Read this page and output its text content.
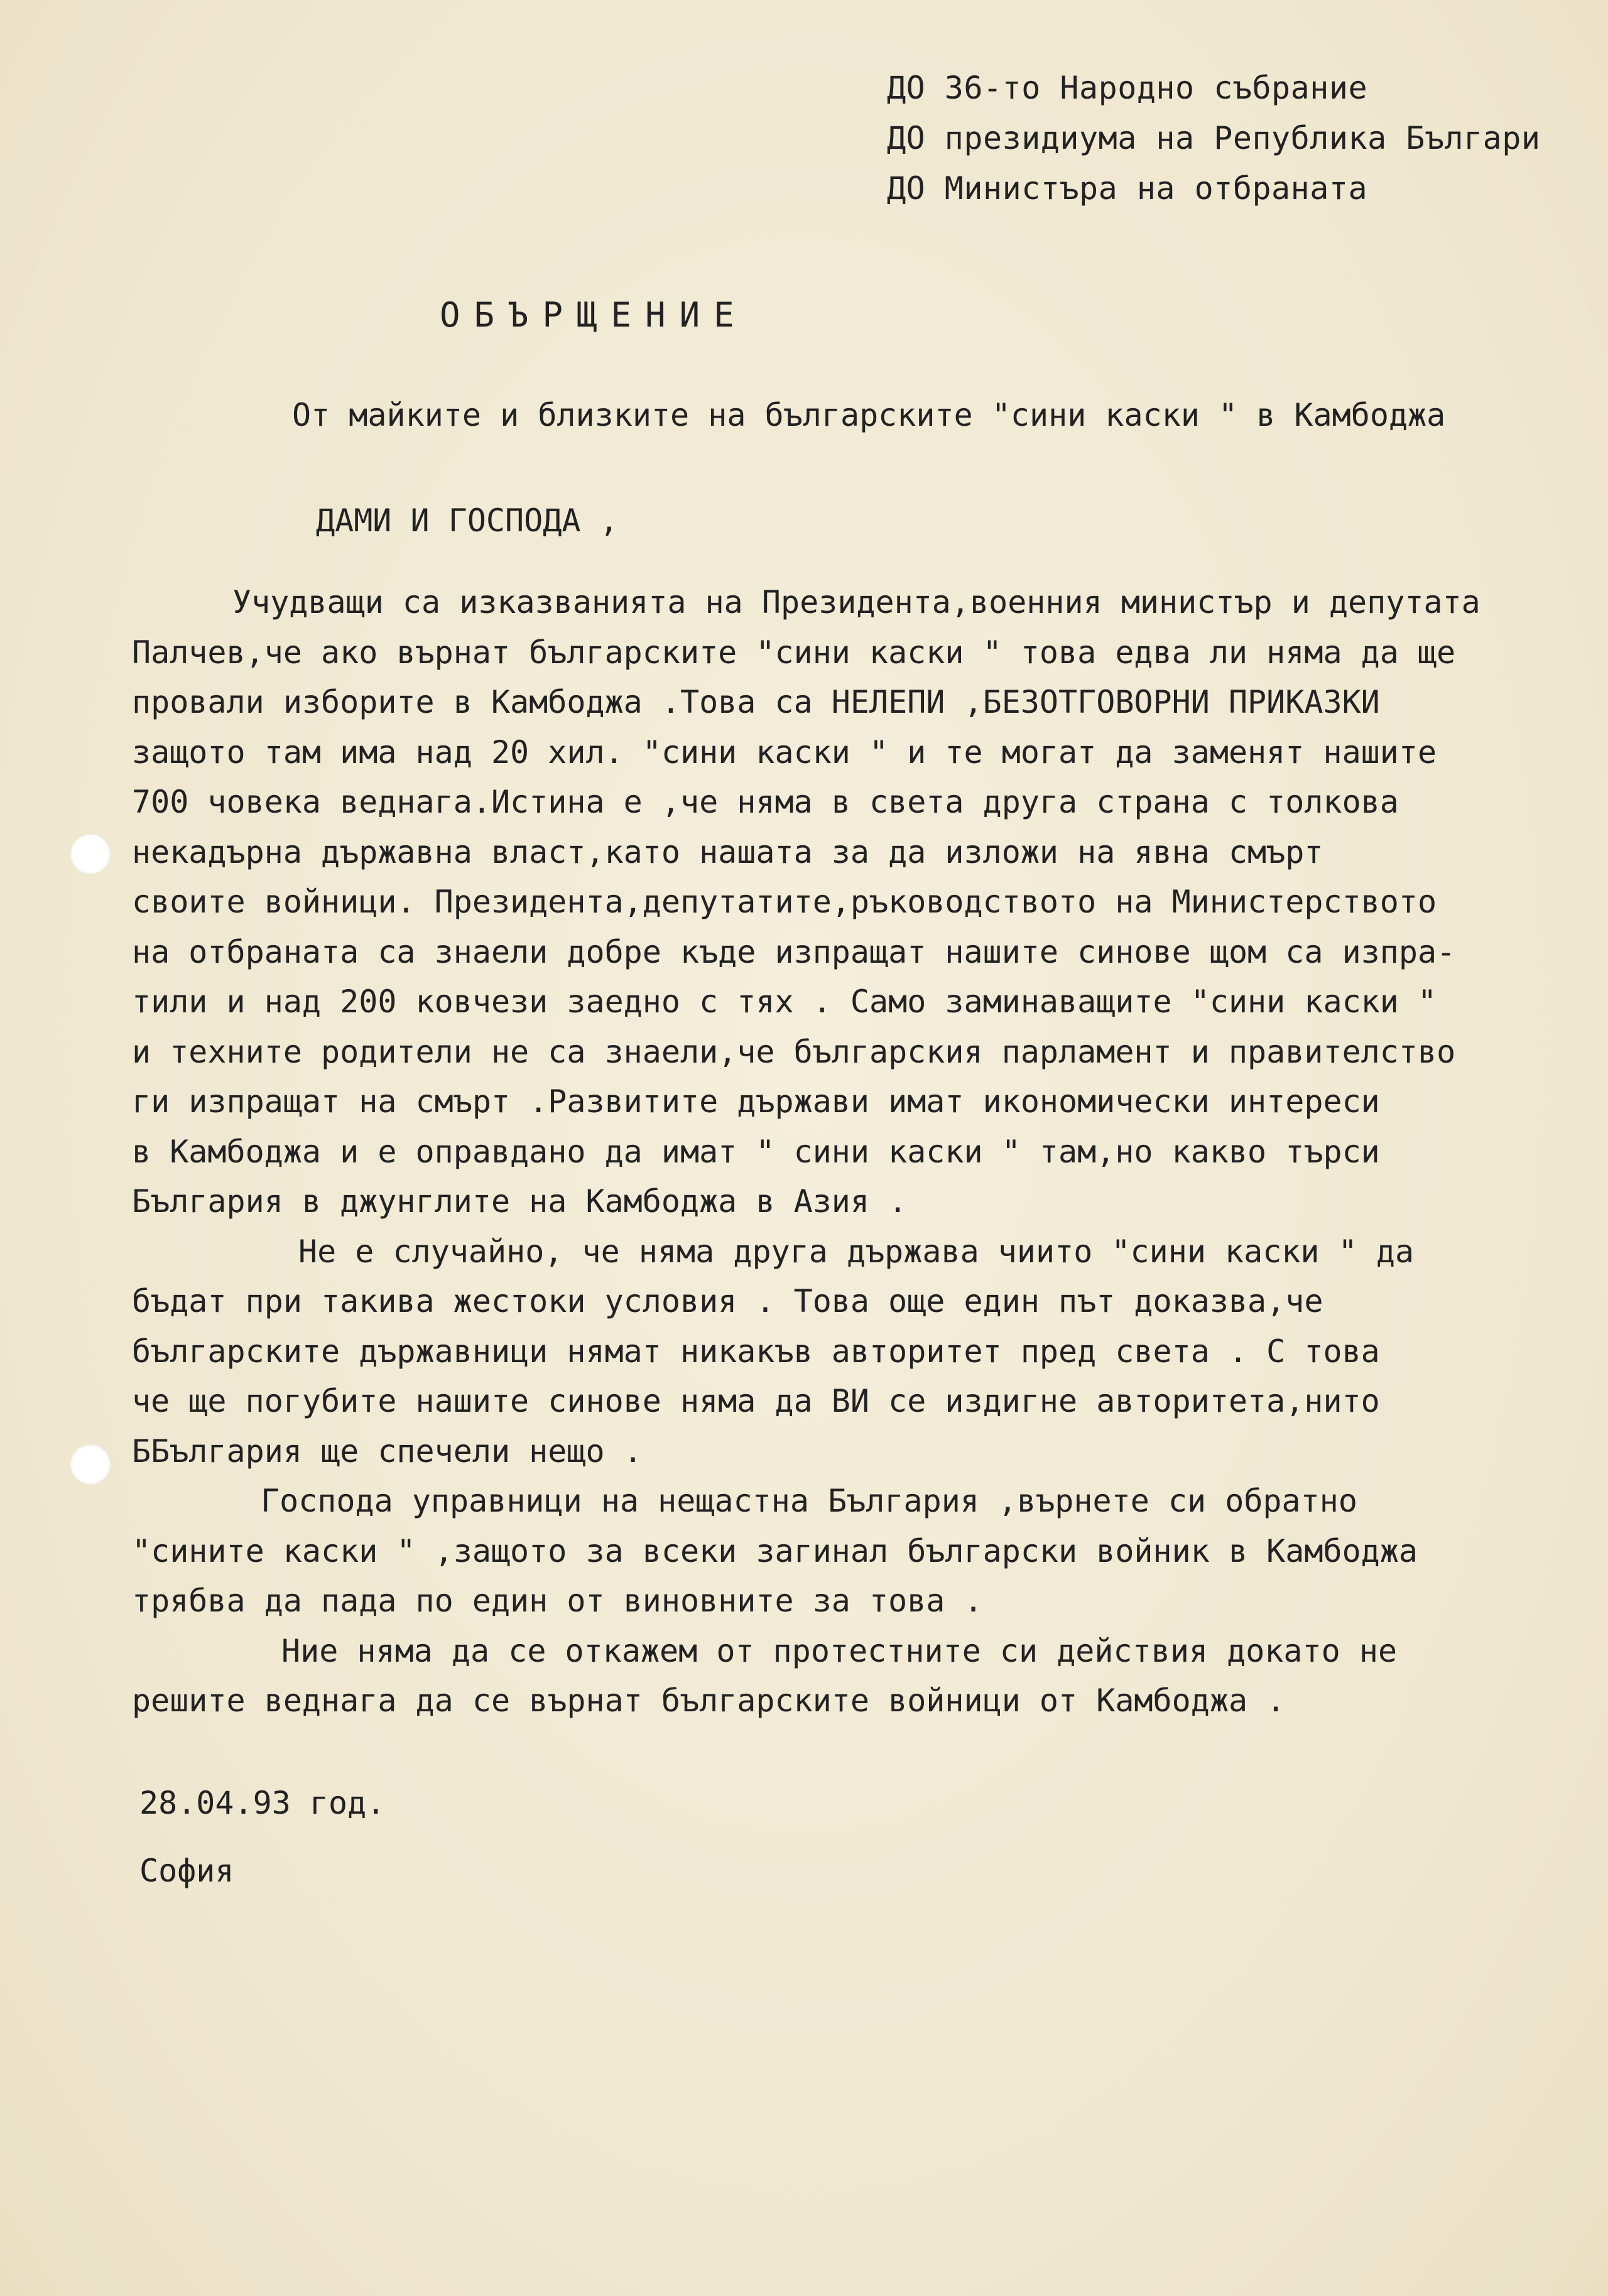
ДО 36-то Народно събрание
ДО президиума на Република Българи
ДО Министъра на отбраната
ОБЪРЩЕНИЕ
От майките и близките на българските "сини каски " в Камбоджа
ДАМИ И ГОСПОДА ,
Учудващи са изказванията на Президента,военния министър и депутата
Палчев,че ако върнат българските "сини каски " това едва ли няма да ще
провали изборите в Камбоджа .Това са НЕЛЕПИ ,БЕЗОТГОВОРНИ ПРИКАЗКИ
защото там има над 20 хил. "сини каски " и те могат да заменят нашите
700 човека веднага.Истина е ,че няма в света друга страна с толкова
некадърна държавна власт,като нашата за да изложи на явна смърт
своите войници. Президента,депутатите,ръководството на Министерството
на отбраната са знаели добре къде изпращат нашите синове щом са изпра-
тили и над 200 ковчези заедно с тях . Само заминаващите "сини каски "
и техните родители не са знаели,че българския парламент и правителство
ги изпращат на смърт .Развитите държави имат икономически интереси
в Камбоджа и е оправдано да имат " сини каски " там,но какво търси
България в джунглите на Камбоджа в Азия .
Не е случайно, че няма друга държава чиито "сини каски " да
бъдат при такива жестоки условия . Това още един път доказва,че
българските държавници нямат никакъв авторитет пред света . С това
че ще погубите нашите синове няма да ВИ се издигне авторитета,нито
ББългария ще спечели нещо .
Господа управници на нещастна България ,върнете си обратно
"сините каски " ,защото за всеки загинал български войник в Камбоджа
трябва да пада по един от виновните за това .
Ние няма да се откажем от протестните си действия докато не
решите веднага да се върнат българските войници от Камбоджа .
28.04.93 год.
София
